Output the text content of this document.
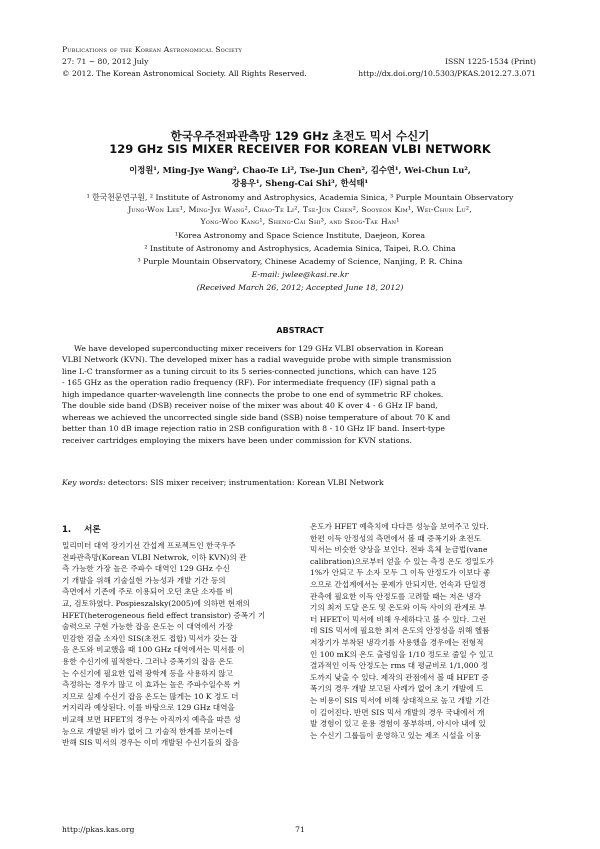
Publications of the Korean Astronomical Society
27: 71 ∼ 80, 2012 July
© 2012. The Korean Astronomical Society. All Rights Reserved.
ISSN 1225-1534 (Print)
http://dx.doi.org/10.5303/PKAS.2012.27.3.071
한국우주전파관측망 129 GHz 초전도 믹서 수신기
129 GHz SIS MIXER RECEIVER FOR KOREAN VLBI NETWORK
이정원¹, Ming-Jye Wang², Chao-Te Li², Tse-Jun Chen², 김수연¹, Wei-Chun Lu²,
강용우¹, Sheng-Cai Shi³, 한석태¹
¹ 한국천문연구원, ² Institute of Astronomy and Astrophysics, Academia Sinica, ³ Purple Mountain Observatory
Jung-Won Lee¹, Ming-Jye Wang², Chao-Te Li², Tse-Jun Chen², Sooyeon Kim¹, Wei-Chun Lu²,
Yong-Woo Kang¹, Sheng-Cai Shi³, and Seog-Tae Han¹
¹Korea Astronomy and Space Science Institute, Daejeon, Korea
² Institute of Astronomy and Astrophysics, Academia Sinica, Taipei, R.O. China
³ Purple Mountain Observatory, Chinese Academy of Science, Nanjing, P. R. China
E-mail: jwlee@kasi.re.kr
(Received March 26, 2012; Accepted June 18, 2012)
ABSTRACT
We have developed superconducting mixer receivers for 129 GHz VLBI observation in Korean
VLBI Network (KVN). The developed mixer has a radial waveguide probe with simple transmission
line L-C transformer as a tuning circuit to its 5 series-connected junctions, which can have 125
- 165 GHz as the operation radio frequency (RF). For intermediate frequency (IF) signal path a
high impedance quarter-wavelength line connects the probe to one end of symmetric RF chokes.
The double side band (DSB) receiver noise of the mixer was about 40 K over 4 - 6 GHz IF band,
whereas we achieved the uncorrected single side band (SSB) noise temperature of about 70 K and
better than 10 dB image rejection ratio in 2SB configuration with 8 - 10 GHz IF band. Insert-type
receiver cartridges employing the mixers have been under commission for KVN stations.
Key words: detectors: SIS mixer receiver; instrumentation: Korean VLBI Network
1. 서론
밀리미터 대역 장기기선 간섭계 프로젝트인 한국우주
전파관측망(Korean VLBI Netwrok, 이하 KVN)의 관
측 가능한 가장 높은 주파수 대역인 129 GHz 수신
기 개발을 위해 기술실현 가능성과 개발 기간 등의
측면에서 기존에 주로 이용되어 오던 초단 소자를 비
교, 검토하였다. Pospieszalsky(2005)에 의하면 현재의
HFET(heterogeneous field effect transistor) 증폭기 기
술력으로 구현 가능한 잡음 온도는 이 대역에서 가장
민감한 검출 소자인 SIS(초전도 접합) 믹서가 갖는 잡
음 온도와 비교했을 때 100 GHz 대역에서는 믹서를 이
용한 수신기에 필적한다. 그러나 증폭기의 잡음 온도
는 수신기에 필요한 입력 광학계 등을 사용하지 않고
측정하는 경우가 많고 이 효과는 높은 주파수일수록 커
지므로 실제 수신기 잡음 온도는 많게는 10 K 정도 더
커지리라 예상된다. 이를 바탕으로 129 GHz 대역을
비교해 보면 HFET의 경우는 아직까지 예측을 따른 성
능으로 개발된 바가 없어 그 기술적 한계를 보이는데
반해 SIS 믹서의 경우는 이미 개발된 수신기들의 잡음
온도가 HFET 예측치에 다다른 성능을 보여주고 있다.
한편 이득 안정성의 측면에서 볼 때 증폭기와 초전도
믹서는 비슷한 양상을 보인다. 전파 흑체 눈금법(vane
calibration)으로부터 얻을 수 있는 측정 온도 정밀도가
1%가 안되고 두 소자 모두 그 이득 안정도가 이보다 좋
으므로 간섭계에서는 문제가 안되지만, 연속과 단일경
관측에 필요한 이득 안정도를 고려할 때는 저온 냉각
기의 최저 도달 온도 및 온도와 이득 사이의 관계로 부
터 HFET이 믹서에 비해 우세하다고 볼 수 있다. 그런
데 SIS 믹서에 필요한 최저 온도의 안정성을 위해 헬륨
저장기가 부착된 냉각기를 사용했을 경우에는 전형적
인 100 mK의 온도 출렁임을 1/10 정도로 줄일 수 있고
결과적인 이득 안정도는 rms 대 평균비로 1/1,000 정
도까지 낮출 수 있다. 제작의 관점에서 볼 때 HFET 증
폭기의 경우 개발 보고된 사례가 없어 초기 개발에 드
는 비용이 SIS 믹서에 비해 상대적으로 높고 개발 기간
이 길어진다. 반면 SIS 믹서 개발의 경우 국내에서 개
발 경험이 있고 운용 경험이 풍부하며, 아시아 내에 있
는 수신기 그룹들이 운영하고 있는 제조 시설을 이용
http://pkas.kas.org	71
